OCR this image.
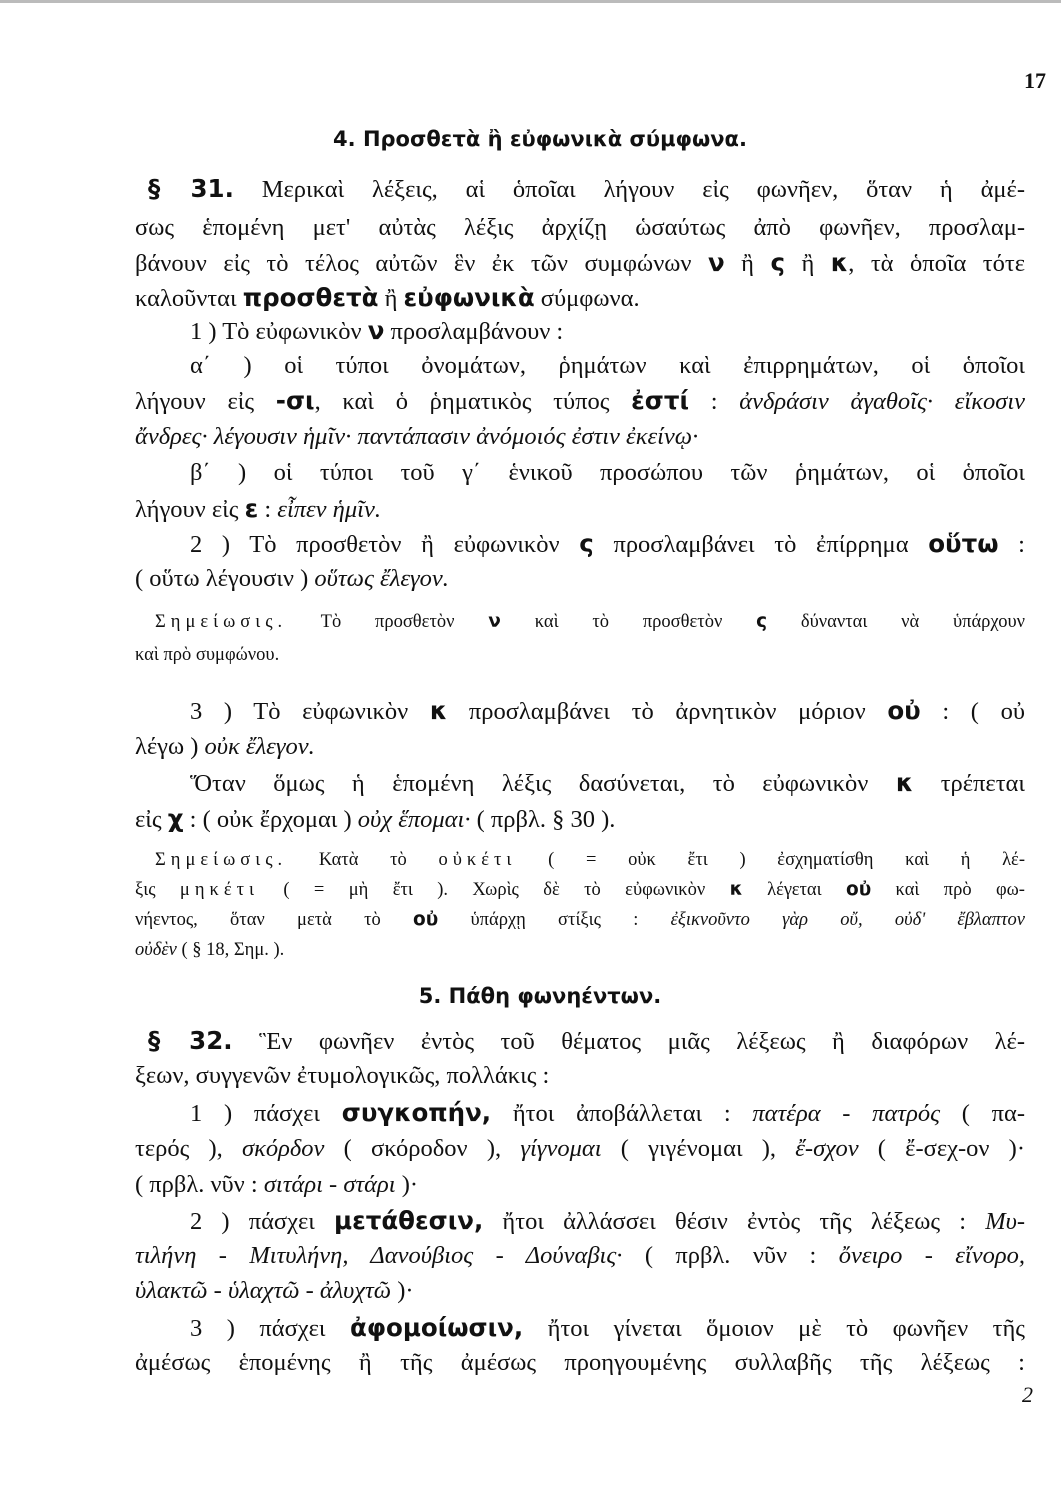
17
4. Προσθετὰ ἢ εὐφωνικὰ σύμφωνα.
§ 31. Μερικαὶ λέξεις, αἱ ὁποῖαι λήγουν εἰς φωνῆεν, ὅταν ἡ ἀμέ-
σως ἑπομένη μετ' αὐτὰς λέξις ἀρχίζῃ ὡσαύτως ἀπὸ φωνῆεν, προσλαμ-
βάνουν εἰς τὸ τέλος αὐτῶν ἓν ἐκ τῶν συμφώνων ν ἢ ς ἢ κ, τὰ ὁποῖα τότε
καλοῦνται προσθετὰ ἢ εὐφωνικὰ σύμφωνα.
1 ) Τὸ εὐφωνικὸν ν προσλαμβάνουν :
α΄ ) οἱ τύποι ὀνομάτων, ῥημάτων καὶ ἐπιρρημάτων, οἱ ὁποῖοι
λήγουν εἰς -σι, καὶ ὁ ῥηματικὸς τύπος ἐστί : ἀνδράσιν ἀγαθοῖς· εἴκοσιν
ἄνδρες· λέγουσιν ἡμῖν· παντάπασιν ἀνόμοιός ἐστιν ἐκείνῳ·
β΄ ) οἱ τύποι τοῦ γ΄ ἑνικοῦ προσώπου τῶν ῥημάτων, οἱ ὁποῖοι
λήγουν εἰς ε : εἶπεν ἡμῖν.
2 ) Τὸ προσθετὸν ἢ εὐφωνικὸν ς προσλαμβάνει τὸ ἐπίρρημα οὕτω :
( οὕτω λέγουσιν ) οὕτως ἔλεγον.
Σημείωσις. Τὸ προσθετὸν ν καὶ τὸ προσθετὸν ς δύνανται νὰ ὑπάρχουν
καὶ πρὸ συμφώνου.
3 ) Τὸ εὐφωνικὸν κ προσλαμβάνει τὸ ἀρνητικὸν μόριον οὐ : ( οὐ
λέγω ) οὐκ ἔλεγον.
Ὅταν ὅμως ἡ ἑπομένη λέξις δασύνεται, τὸ εὐφωνικὸν κ τρέπεται
εἰς χ : ( οὐκ ἔρχομαι ) οὐχ ἕπομαι· ( πρβλ. § 30 ).
Σημείωσις. Κατὰ τὸ οὐκέτι ( = οὐκ ἔτι ) ἐσχηματίσθη καὶ ἡ λέ-
ξις μηκέτι ( = μὴ ἔτι ). Χωρὶς δὲ τὸ εὐφωνικὸν κ λέγεται οὐ καὶ πρὸ φω-
νήεντος, ὅταν μετὰ τὸ οὐ ὑπάρχῃ στίξις : ἐξικνοῦντο γὰρ οὔ, οὐδ' ἔβλαπτον
οὐδὲν ( § 18, Σημ. ).
5. Πάθη φωνηέντων.
§ 32. Ἓν φωνῆεν ἐντὸς τοῦ θέματος μιᾶς λέξεως ἢ διαφόρων λέ-
ξεων, συγγενῶν ἐτυμολογικῶς, πολλάκις :
1 ) πάσχει συγκοπήν, ἤτοι ἀποβάλλεται : πατέρα - πατρός ( πα-
τερός ), σκόρδον ( σκόροδον ), γίγνομαι ( γιγένομαι ), ἔ-σχον ( ἔ-σεχ-ον )·
( πρβλ. νῦν : σιτάρι - στάρι )·
2 ) πάσχει μετάθεσιν, ἤτοι ἀλλάσσει θέσιν ἐντὸς τῆς λέξεως : Μυ-
τιλήνη - Μιτυλήνη, Δανούβιος - Δούναβις· ( πρβλ. νῦν : ὄνειρο - εἴνορο,
ὑλακτῶ - ὑλαχτῶ - ἀλυχτῶ )·
3 ) πάσχει ἀφομοίωσιν, ἤτοι γίνεται ὅμοιον μὲ τὸ φωνῆεν τῆς
ἀμέσως ἑπομένης ἢ τῆς ἀμέσως προηγουμένης συλλαβῆς τῆς λέξεως :
2
